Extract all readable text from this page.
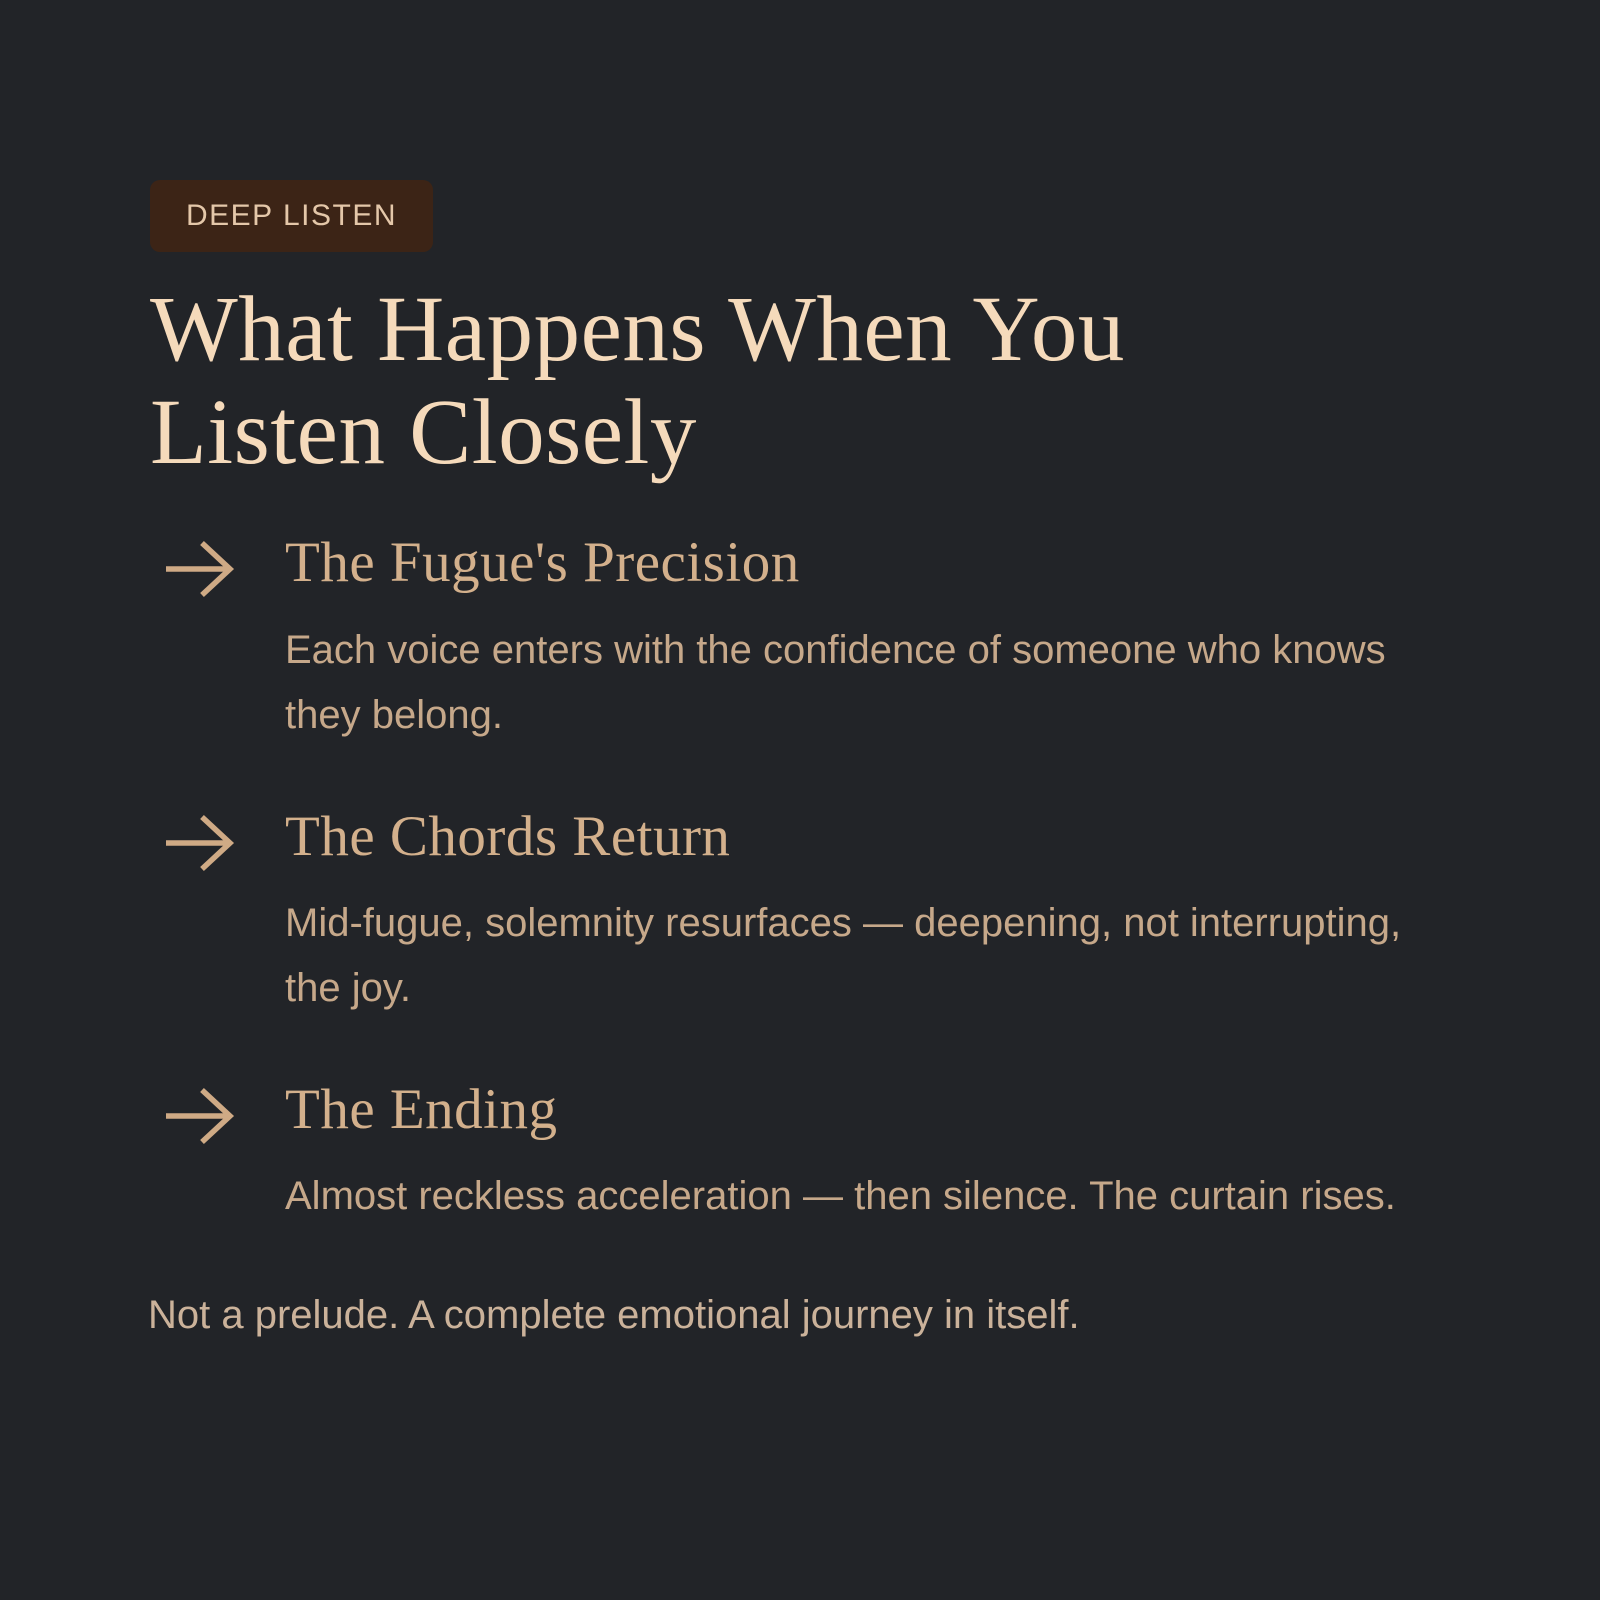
DEEP LISTEN
What Happens When You Listen Closely
The Fugue's Precision
Each voice enters with the confidence of someone who knows they belong.
The Chords Return
Mid-fugue, solemnity resurfaces — deepening, not interrupting, the joy.
The Ending
Almost reckless acceleration — then silence. The curtain rises.
Not a prelude. A complete emotional journey in itself.
